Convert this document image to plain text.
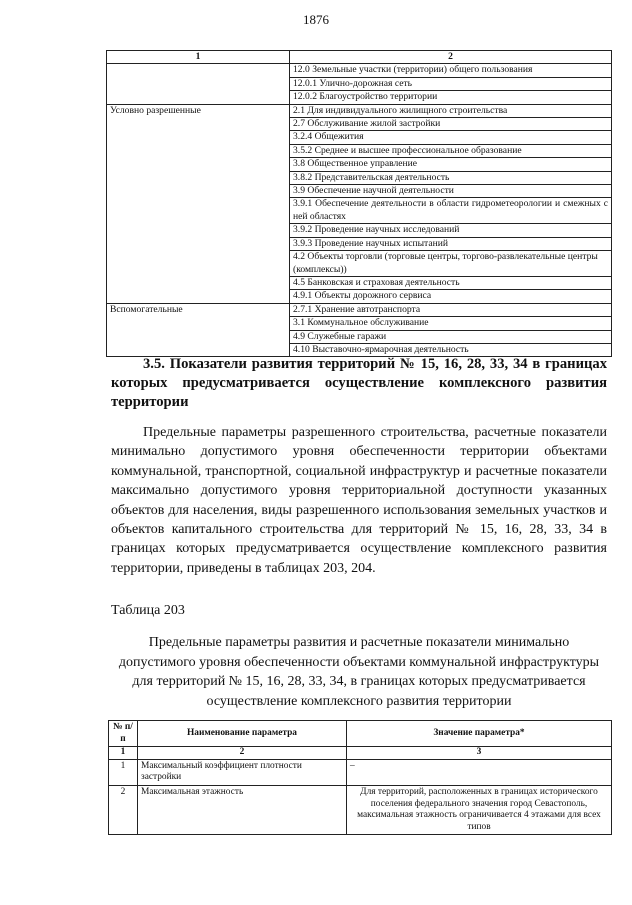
1876
1	2
	12.0 Земельные участки (территории) общего пользования
	12.0.1 Улично-дорожная сеть
	12.0.2 Благоустройство территории
Условно разрешенные	2.1 Для индивидуального жилищного строительства
	2.7 Обслуживание жилой застройки
	3.2.4 Общежития
	3.5.2 Среднее и высшее профессиональное образование
	3.8 Общественное управление
	3.8.2 Представительская деятельность
	3.9 Обеспечение научной деятельности
	3.9.1 Обеспечение деятельности в области гидрометеорологии и смежных с ней областях
	3.9.2 Проведение научных исследований
	3.9.3 Проведение научных испытаний
	4.2 Объекты торговли (торговые центры, торгово-развлекательные центры (комплексы))
	4.5 Банковская и страховая деятельность
	4.9.1 Объекты дорожного сервиса
Вспомогательные	2.7.1 Хранение автотранспорта
	3.1 Коммунальное обслуживание
	4.9 Служебные гаражи
	4.10 Выставочно-ярмарочная деятельность
3.5. Показатели развития территорий № 15, 16, 28, 33, 34 в границах которых предусматривается осуществление комплексного развития территории
Предельные параметры разрешенного строительства, расчетные показатели минимально допустимого уровня обеспеченности территории объектами коммунальной, транспортной, социальной инфраструктур и расчетные показатели максимально допустимого уровня территориальной доступности указанных объектов для населения, виды разрешенного использования земельных участков и объектов капитального строительства для территорий № 15, 16, 28, 33, 34 в границах которых предусматривается осуществление комплексного развития территории, приведены в таблицах 203, 204.
Таблица 203
Предельные параметры развития и расчетные показатели минимально допустимого уровня обеспеченности объектами коммунальной инфраструктуры для территорий № 15, 16, 28, 33, 34, в границах которых предусматривается осуществление комплексного развития территории
№ п/п	Наименование параметра	Значение параметра*
1	2	3
1	Максимальный коэффициент плотности застройки	–
2	Максимальная этажность	Для территорий, расположенных в границах исторического поселения федерального значения город Севастополь, максимальная этажность ограничивается 4 этажами для всех типов
